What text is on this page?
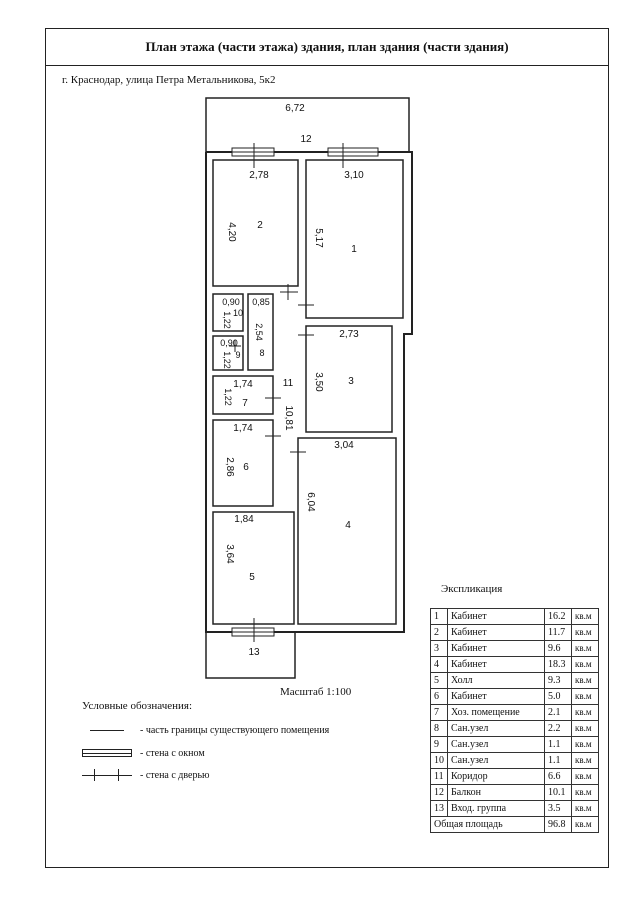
План этажа (части этажа) здания, план здания (части здания)
г. Краснодар, улица Петра Метальникова, 5к2
6,72
12
2,78
4,20 2
3,10
5,17
1
0,90
10
1,22
0,85
2,54
8
0,90
9
1,22
2,73
3,50 3
1,74
1,22 7
11
10,81
1,74
2,86 6
3,04
6,04
4
1,84
3,64
5
13
Масштаб 1:100
Условные обозначения:
- часть границы существующего помещения
- стена с окном
- стена с дверью
Экспликация
1	Кабинет	16.2	кв.м
2	Кабинет	11.7	кв.м
3	Кабинет	9.6	кв.м
4	Кабинет	18.3	кв.м
5	Холл	9.3	кв.м
6	Кабинет	5.0	кв.м
7	Хоз. помещение	2.1	кв.м
8	Сан.узел	2.2	кв.м
9	Сан.узел	1.1	кв.м
10	Сан.узел	1.1	кв.м
11	Коридор	6.6	кв.м
12	Балкон	10.1	кв.м
13	Вход. группа	3.5	кв.м
Общая площадь		96.8	кв.м
